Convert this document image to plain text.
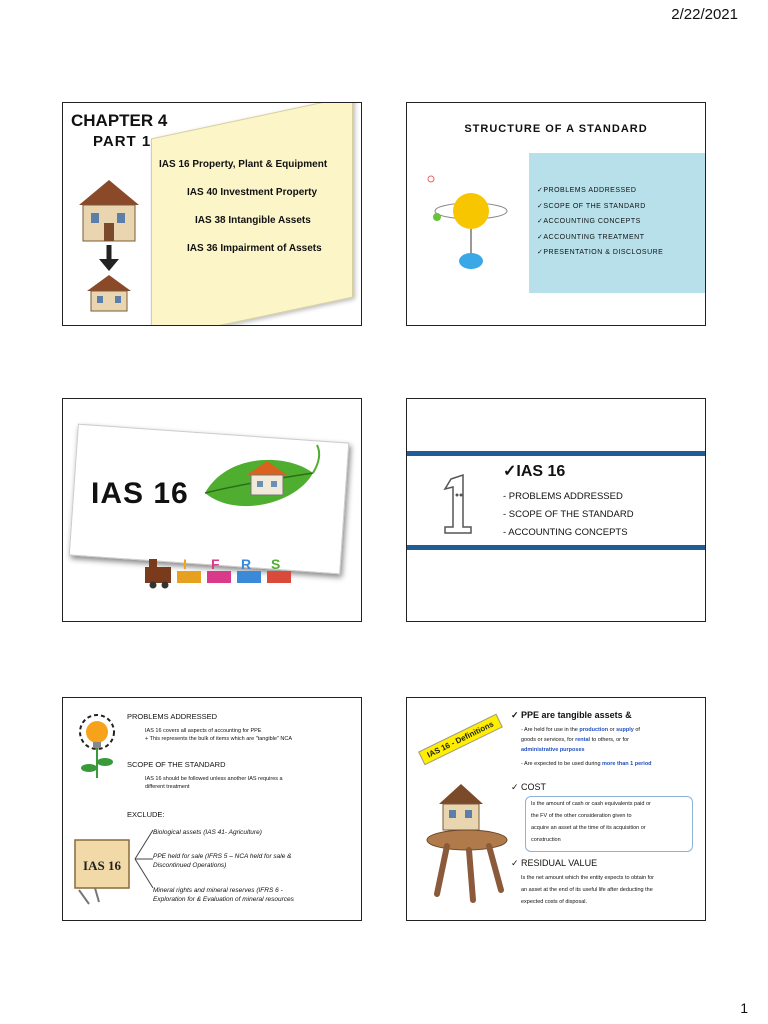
2/22/2021
CHAPTER 4
PART 1
IAS 16 Property, Plant & Equipment
IAS 40 Investment Property
IAS 38 Intangible Assets
IAS 36 Impairment of Assets
STRUCTURE OF A STANDARD
✓PROBLEMS ADDRESSED
✓SCOPE OF THE STANDARD
✓ACCOUNTING CONCEPTS
✓ACCOUNTING TREATMENT
✓PRESENTATION & DISCLOSURE
IAS 16
I F R S
✓IAS 16
- PROBLEMS ADDRESSED
- SCOPE OF THE STANDARD
- ACCOUNTING CONCEPTS
PROBLEMS ADDRESSED
IAS 16 covers all aspects of accounting for PPE
+ This represents the bulk of items which are "tangible" NCA
SCOPE OF THE STANDARD
IAS 16 should be followed unless another IAS requires a
different treatment
EXCLUDE:
IAS 16
Biological assets (IAS 41- Agriculture)
PPE held for sale (IFRS 5 – NCA held for sale &
Discontinued Operations)
Mineral rights and mineral reserves (IFRS 6 -
Exploration for & Evaluation of mineral resources
IAS 16 - Definitions
✓ PPE are tangible assets &
- Are held for use in the production or supply of
goods or services, for rental to others, or for
administrative purposes
- Are expected to be used during more than 1 period
✓ COST
Is the amount of cash or cash equivalents paid or
the FV of the other consideration given to
acquire an asset at the time of its acquisition or
construction
✓ RESIDUAL VALUE
Is the net amount which the entity expects to obtain for
an asset at the end of its useful life after deducting the
expected costs of disposal.
1
